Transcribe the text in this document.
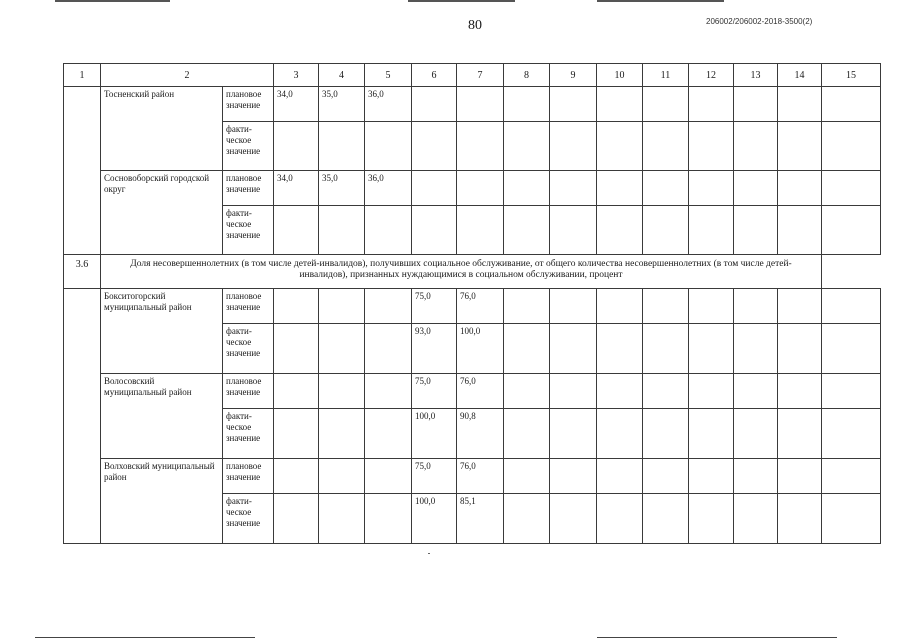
80	206002/206002-2018-3500(2)
1	2		3	4	5	6	7	8	9	10	11	12	13	14	15
	Тосненский район	плановое значение	34,0	35,0	36,0										
		факти-ческое значение													
	Сосновоборский городской округ	плановое значение	34,0	35,0	36,0										
		факти-ческое значение													
3.6	Доля несовершеннолетних (в том числе детей-инвалидов), получивших социальное обслуживание, от общего количества несовершеннолетних (в том числе детей-инвалидов), признанных нуждающимися в социальном обслуживании, процент														
	Бокситогорский муниципальный район	плановое значение				75,0	76,0								
		факти-ческое значение				93,0	100,0								
	Волосовский муниципальный район	плановое значение				75,0	76,0								
		факти-ческое значение				100,0	90,8								
	Волховский муниципальный район	плановое значение				75,0	76,0								
		факти-ческое значение				100,0	85,1								
